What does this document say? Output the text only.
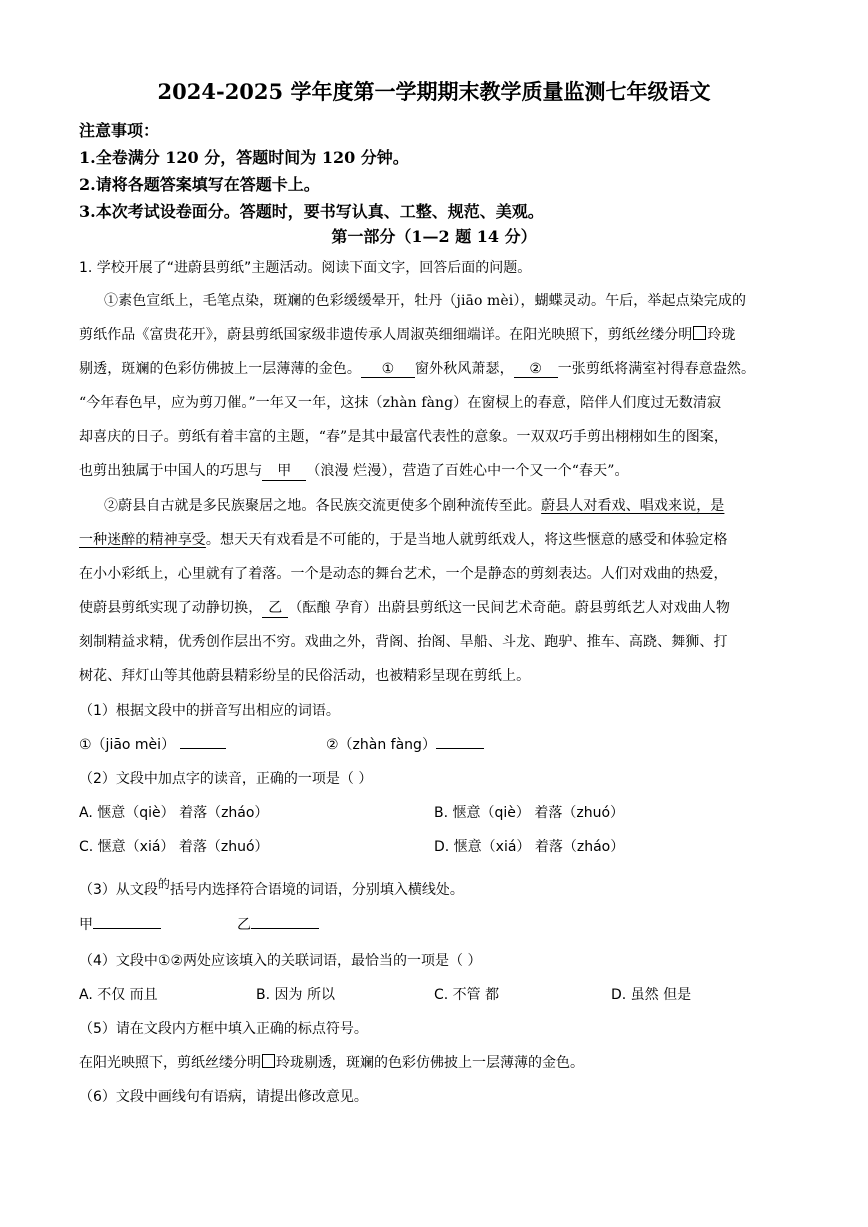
2024-2025 学年度第一学期期末教学质量监测七年级语文
注意事项：
1.全卷满分 120 分，答题时间为 120 分钟。
2.请将各题答案填写在答题卡上。
3.本次考试设卷面分。答题时，要书写认真、工整、规范、美观。
第一部分（1—2 题 14 分）
1. 学校开展了“进蔚县剪纸”主题活动。阅读下面文字，回答后面的问题。
①素色宣纸上，毛笔点染，斑斓的色彩缓缓晕开，牡丹（jiāo mèi），蝴蝶灵动。午后，举起点染完成的
剪纸作品《富贵花开》，蔚县剪纸国家级非遗传承人周淑英细细端详。在阳光映照下，剪纸丝缕分明 玲珑
剔透，斑斓的色彩仿佛披上一层薄薄的金色。 ① 窗外秋风萧瑟， ② 一张剪纸将满室衬得春意盎然。
“今年春色早，应为剪刀催。”一年又一年，这抹（zhàn fàng）在窗棂上的春意，陪伴人们度过无数清寂
却喜庆的日子。剪纸有着丰富的主题，“春”是其中最富代表性的意象。一双双巧手剪出栩栩如生的图案，
也剪出独属于中国人的巧思与 甲 （浪漫 烂漫），营造了百姓心中一个又一个“春天”。
②蔚县自古就是多民族聚居之地。各民族交流更使多个剧种流传至此。蔚县人对看戏、唱戏来说，是
一种迷醉的精神享受。想天天有戏看是不可能的，于是当地人就剪纸戏人，将这些惬意的感受和体验定格
在小小彩纸上，心里就有了着落。一个是动态的舞台艺术，一个是静态的剪刻表达。人们对戏曲的热爱，
使蔚县剪纸实现了动静切换， 乙 （酝酿 孕育）出蔚县剪纸这一民间艺术奇葩。蔚县剪纸艺人对戏曲人物
刻制精益求精，优秀创作层出不穷。戏曲之外，背阁、抬阁、旱船、斗龙、跑驴、推车、高跷、舞狮、打
树花、拜灯山等其他蔚县精彩纷呈的民俗活动，也被精彩呈现在剪纸上。
（1）根据文段中的拼音写出相应的词语。
①（jiāo mèi）	②（zhàn fàng）
（2）文段中加点字的读音，正确的一项是（ ）
A. 惬意（qiè） 着落（zháo）	B. 惬意（qiè） 着落（zhuó）
C. 惬意（xiá） 着落（zhuó）	D. 惬意（xiá） 着落（zháo）
（3）从文段的括号内选择符合语境的词语，分别填入横线处。
甲	乙
（4）文段中①②两处应该填入的关联词语，最恰当的一项是（ ）
A. 不仅 而且	B. 因为 所以	C. 不管 都	D. 虽然 但是
（5）请在文段内方框中填入正确的标点符号。
在阳光映照下，剪纸丝缕分明 玲珑剔透，斑斓的色彩仿佛披上一层薄薄的金色。
（6）文段中画线句有语病，请提出修改意见。
